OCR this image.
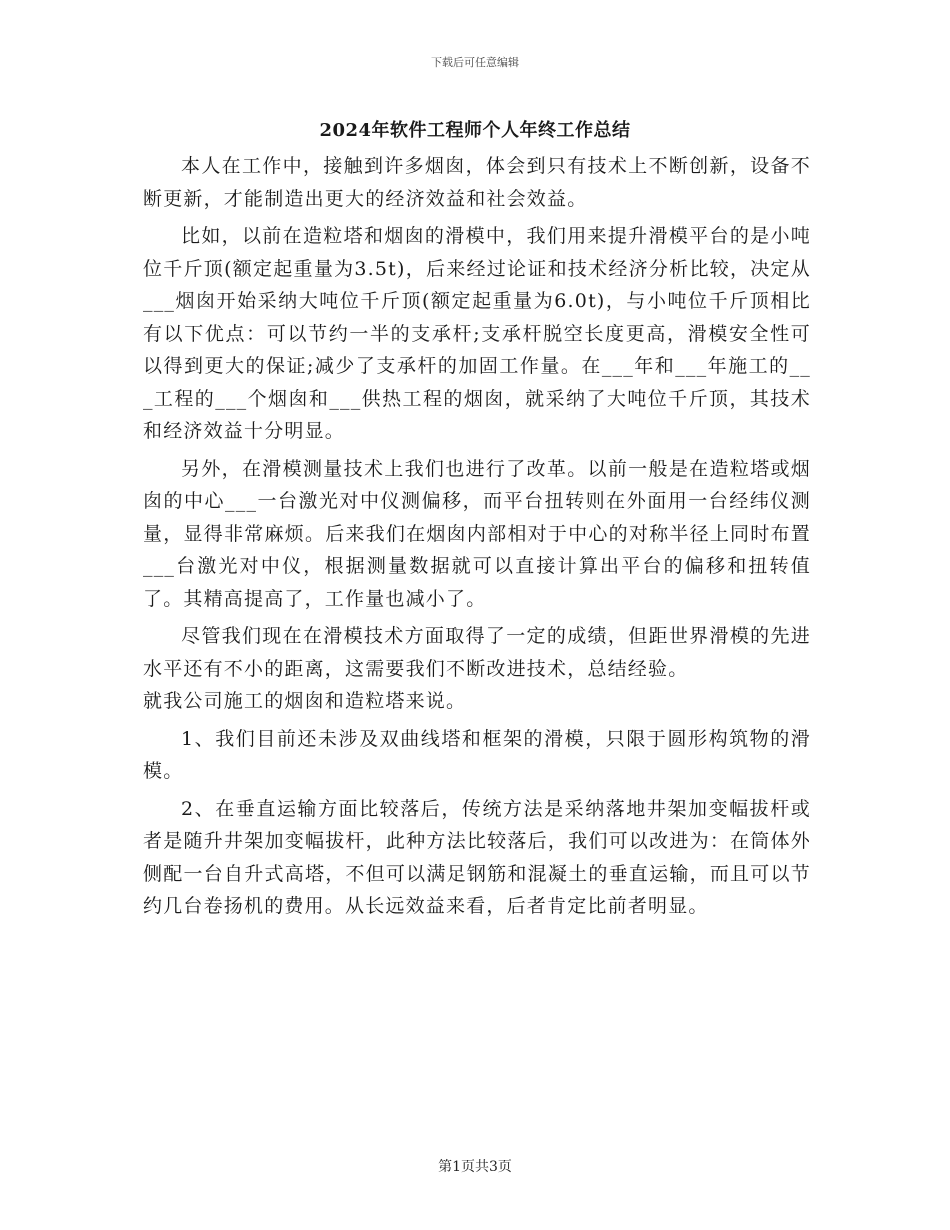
下载后可任意编辑
2024年软件工程师个人年终工作总结

本人在工作中，接触到许多烟囱，体会到只有技术上不断创新，设备不断更新，才能制造出更大的经济效益和社会效益。

比如，以前在造粒塔和烟囱的滑模中，我们用来提升滑模平台的是小吨位千斤顶(额定起重量为3.5t)，后来经过论证和技术经济分析比较，决定从___烟囱开始采纳大吨位千斤顶(额定起重量为6.0t)，与小吨位千斤顶相比有以下优点：可以节约一半的支承杆;支承杆脱空长度更高，滑模安全性可以得到更大的保证;减少了支承杆的加固工作量。在___年和___年施工的___工程的___个烟囱和___供热工程的烟囱，就采纳了大吨位千斤顶，其技术和经济效益十分明显。

另外，在滑模测量技术上我们也进行了改革。以前一般是在造粒塔或烟囱的中心___一台激光对中仪测偏移，而平台扭转则在外面用一台经纬仪测量，显得非常麻烦。后来我们在烟囱内部相对于中心的对称半径上同时布置___台激光对中仪，根据测量数据就可以直接计算出平台的偏移和扭转值了。其精高提高了，工作量也减小了。

尽管我们现在在滑模技术方面取得了一定的成绩，但距世界滑模的先进水平还有不小的距离，这需要我们不断改进技术，总结经验。

就我公司施工的烟囱和造粒塔来说。

1、我们目前还未涉及双曲线塔和框架的滑模，只限于圆形构筑物的滑模。

2、在垂直运输方面比较落后，传统方法是采纳落地井架加变幅拔杆或者是随升井架加变幅拔杆，此种方法比较落后，我们可以改进为：在筒体外侧配一台自升式高塔，不但可以满足钢筋和混凝土的垂直运输，而且可以节约几台卷扬机的费用。从长远效益来看，后者肯定比前者明显。

第1页共3页
